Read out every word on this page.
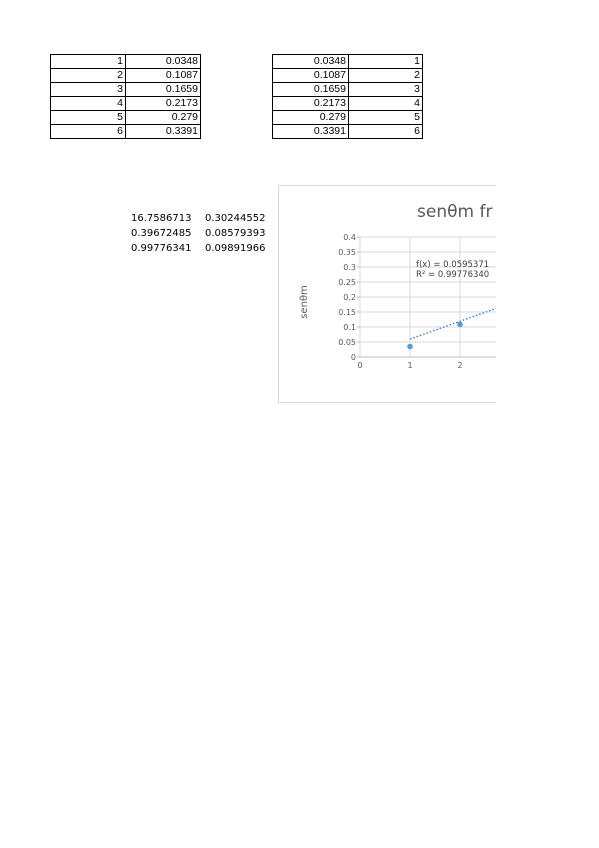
1	0.0348
2	0.1087
3	0.1659
4	0.2173
5	0.279
6	0.3391
0.0348	1
0.1087	2
0.1659	3
0.2173	4
0.279	5
0.3391	6
16.7586713	0.30244552
0.39672485	0.08579393
0.99776341	0.09891966
0
0.05
0.1
0.15
0.2
0.25
0.3
0.35
0.4
0	1	2
senθm fr
senθm
f(x) = 0.0595371
R² = 0.99776340
